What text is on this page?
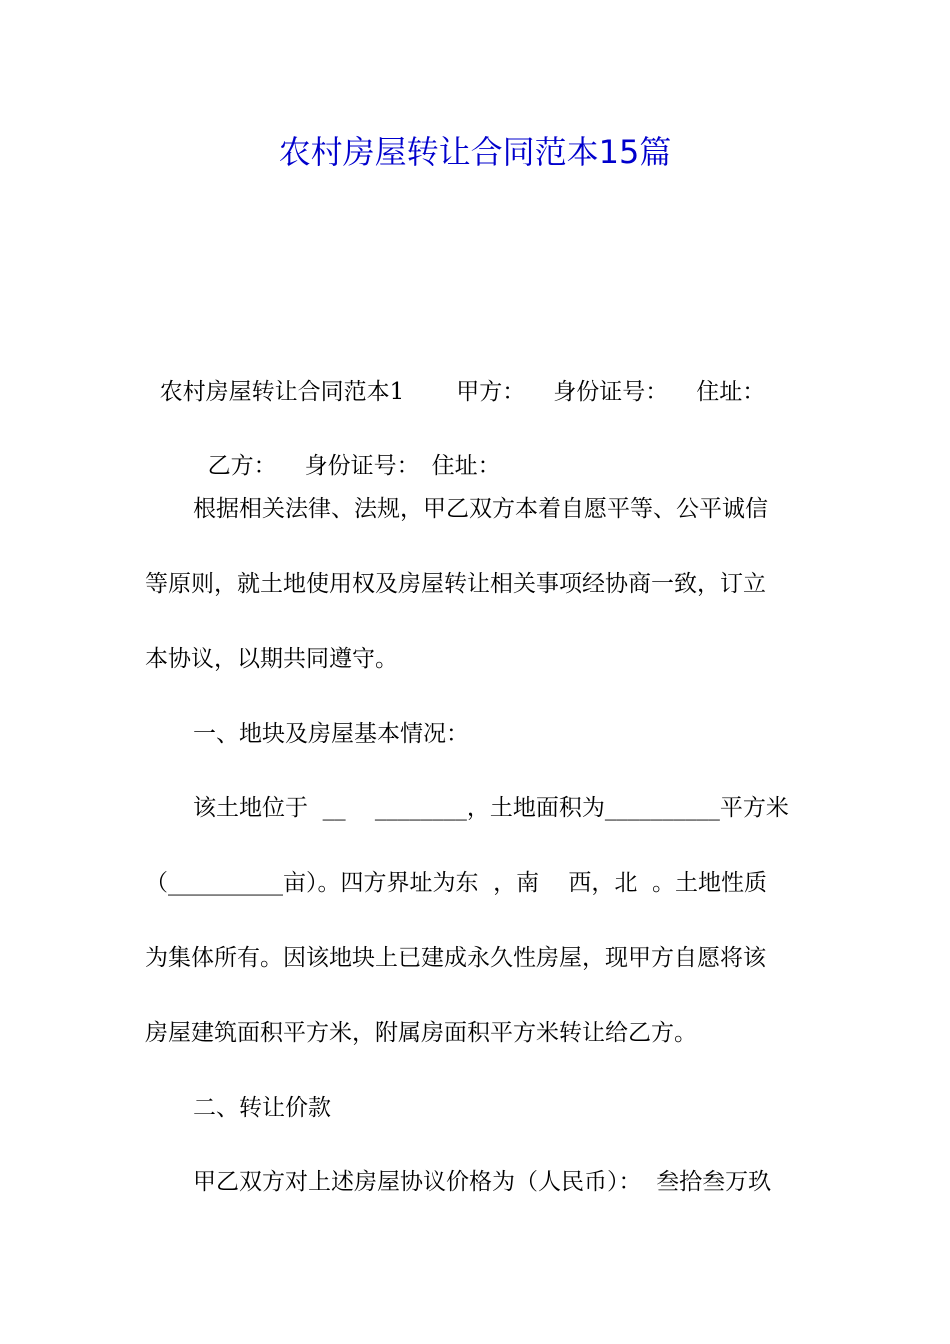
农村房屋转让合同范本15篇

农村房屋转让合同范本1 甲方： 身份证号： 住址：

乙方： 身份证号： 住址：

根据相关法律、法规，甲乙双方本着自愿平等、公平诚信

等原则，就土地使用权及房屋转让相关事项经协商一致，订立

本协议，以期共同遵守。

一、地块及房屋基本情况：

该土地位于  __    ________，土地面积为__________平方米

（__________亩）。四方界址为东  ，南    西，北  。土地性质

为集体所有。因该地块上已建成永久性房屋，现甲方自愿将该

房屋建筑面积平方米，附属房面积平方米转让给乙方。

二、转让价款

甲乙双方对上述房屋协议价格为（人民币）：  叁拾叁万玖
